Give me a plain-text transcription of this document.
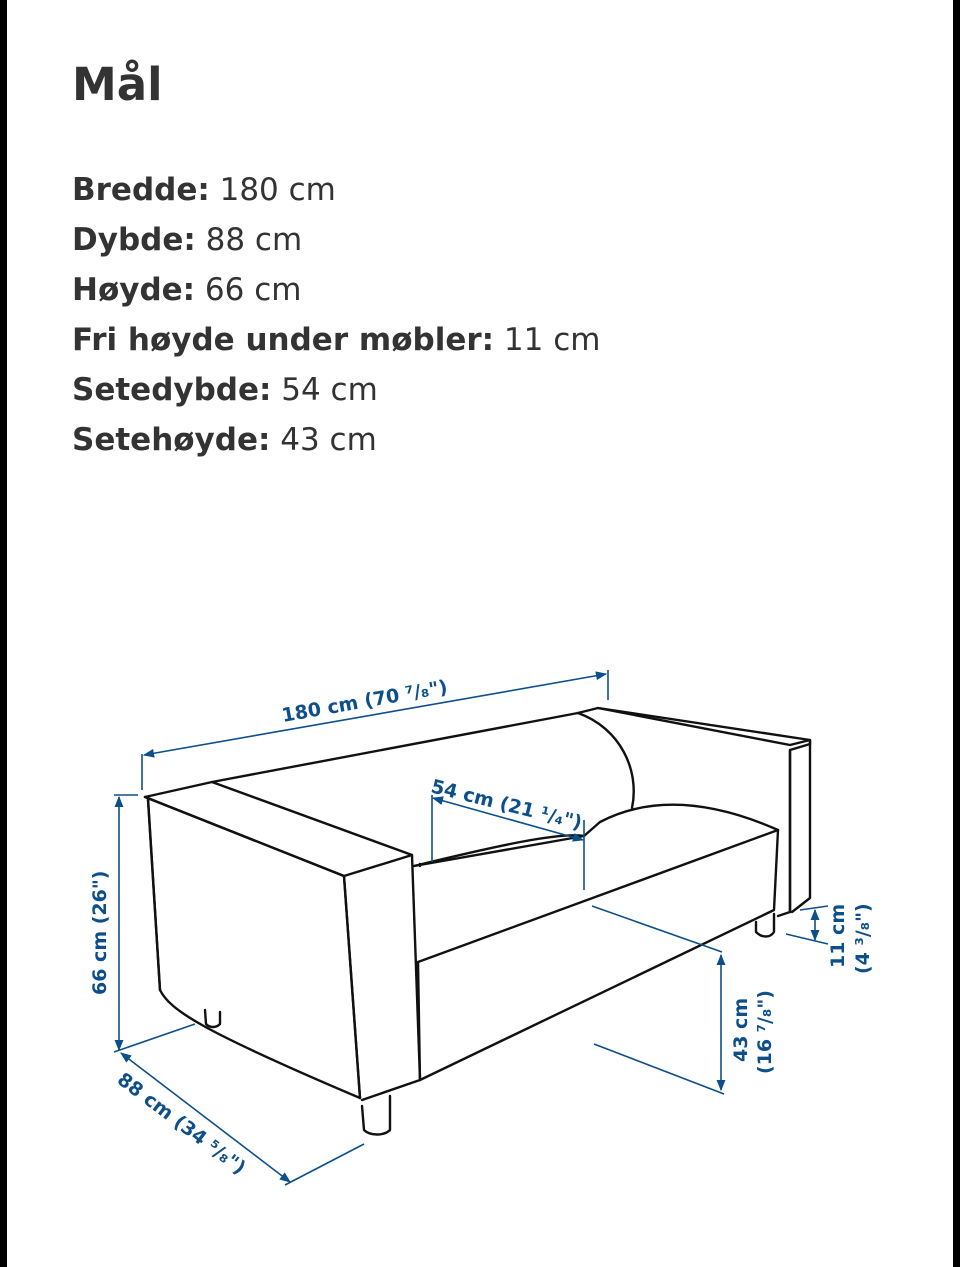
Mål
Bredde: 180 cm
Dybde: 88 cm
Høyde: 66 cm
Fri høyde under møbler: 11 cm
Setedybde: 54 cm
Setehøyde: 43 cm
180 cm (70 ⁷/₈")
54 cm (21 ¹/₄")
66 cm (26")
88 cm (34 ⁵/₈")
43 cm (16 ⁷/₈")
11 cm (4 ³/₈")
